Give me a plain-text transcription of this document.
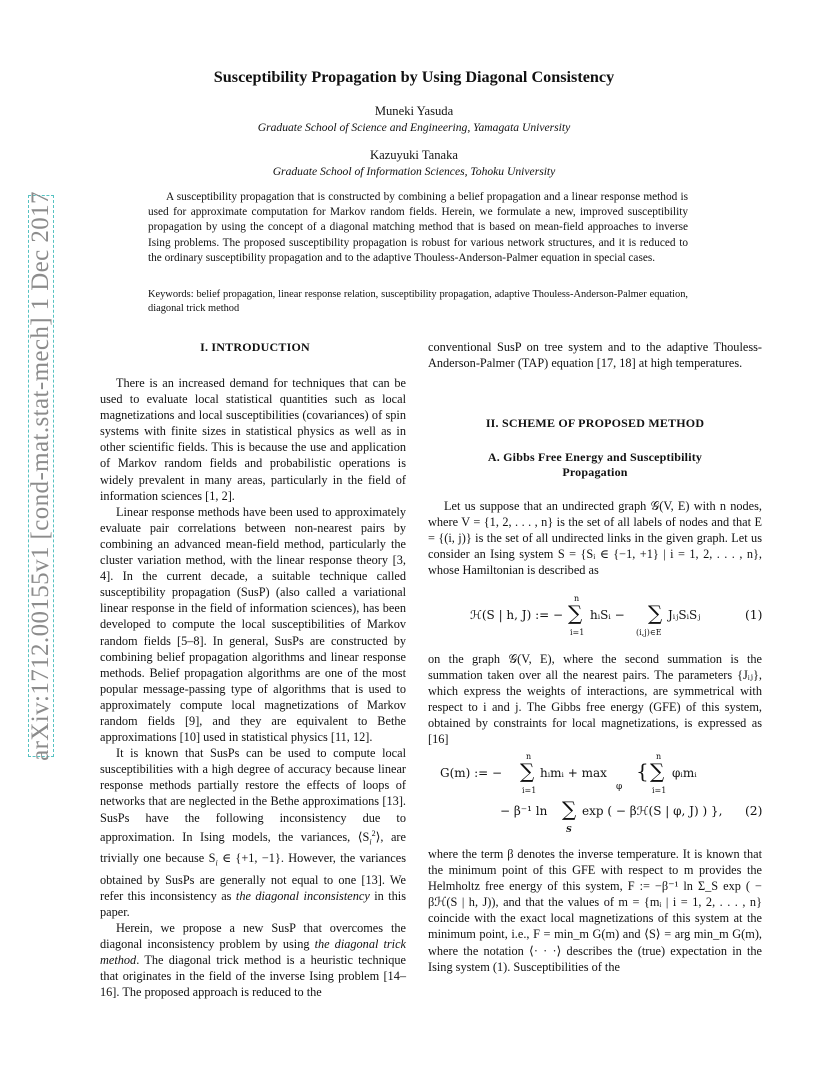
arXiv:1712.00155v1 [cond-mat.stat-mech] 1 Dec 2017
Susceptibility Propagation by Using Diagonal Consistency
Muneki Yasuda
Graduate School of Science and Engineering, Yamagata University
Kazuyuki Tanaka
Graduate School of Information Sciences, Tohoku University
A susceptibility propagation that is constructed by combining a belief propagation and a linear response method is used for approximate computation for Markov random fields. Herein, we formulate a new, improved susceptibility propagation by using the concept of a diagonal matching method that is based on mean-field approaches to inverse Ising problems. The proposed susceptibility propagation is robust for various network structures, and it is reduced to the ordinary susceptibility propagation and to the adaptive Thouless-Anderson-Palmer equation in special cases.
Keywords: belief propagation, linear response relation, susceptibility propagation, adaptive Thouless-Anderson-Palmer equation, diagonal trick method
I. INTRODUCTION

There is an increased demand for techniques that can be used to evaluate local statistical quantities such as local magnetizations and local susceptibilities (covariances) of spin systems with finite sizes in statistical physics as well as in other scientific fields. This is because the use and application of Markov random fields and probabilistic operations is widely prevalent in many areas, particularly in the field of information sciences [1, 2].

Linear response methods have been used to approximately evaluate pair correlations between non-nearest pairs by combining an advanced mean-field method, particularly the cluster variation method, with the linear response theory [3, 4]. In the current decade, a suitable technique called susceptibility propagation (SusP) (also called a variational linear response in the field of information sciences), has been developed to compute the local susceptibilities of Markov random fields [5–8]. In general, SusPs are constructed by combining belief propagation algorithms and linear response methods. Belief propagation algorithms are one of the most popular message-passing type of algorithms that is used to approximately compute local magnetizations of Markov random fields [9], and they are equivalent to Bethe approximations [10] used in statistical physics [11, 12].

It is known that SusPs can be used to compute local susceptibilities with a high degree of accuracy because linear response methods partially restore the effects of loops of networks that are neglected in the Bethe approximations [13]. SusPs have the following inconsistency due to approximation. In Ising models, the variances, $⟨S_i^2⟩$, are trivially one because $S_i$ ∈ {+1, −1}. However, the variances obtained by SusPs are generally not equal to one [13]. We refer this inconsistency as the diagonal inconsistency in this paper.

Herein, we propose a new SusP that overcomes the diagonal inconsistency problem by using the diagonal trick method. The diagonal trick method is a heuristic technique that originates in the field of the inverse Ising problem [14–16]. The proposed approach is reduced to the

conventional SusP on tree system and to the adaptive Thouless-Anderson-Palmer (TAP) equation [17, 18] at high temperatures.

II. SCHEME OF PROPOSED METHOD
A. Gibbs Free Energy and Susceptibility
Propagation

Let us suppose that an undirected graph 𝒢(V, E) with n nodes, where V = {1, 2, . . . , n} is the set of all labels of nodes and that E = {(i, j)} is the set of all undirected links in the given graph. Let us consider an Ising system S = {Sᵢ ∈ {−1, +1} | i = 1, 2, . . . , n}, whose Hamiltonian is described as

ℋ(S | h, J) := −
n
∑
i=1
hᵢSᵢ − ∑
(i,j)∈E
JᵢⱼSᵢSⱼ	(1)

on the graph 𝒢(V, E), where the second summation is the summation taken over all the nearest pairs. The parameters {Jᵢⱼ}, which express the weights of interactions, are symmetrical with respect to i and j. The Gibbs free energy (GFE) of this system, obtained by constraints for local magnetizations, is expressed as [16]

G(m) := −
n
∑
i=1
hᵢmᵢ + max
φ
{
n
∑
i=1
φᵢmᵢ
− β⁻¹ ln ∑
S
exp ( − βℋ(S | φ, J) ) }, (2)

where the term β denotes the inverse temperature. It is known that the minimum point of this GFE with respect to m provides the Helmholtz free energy of this system, F := −β⁻¹ ln Σ_S exp ( − βℋ(S | h, J)), and that the values of m = {mᵢ | i = 1, 2, . . . , n} coincide with the exact local magnetizations of this system at the minimum point, i.e., F = min_m G(m) and ⟨S⟩ = arg min_m G(m), where the notation ⟨· · ·⟩ describes the (true) expectation in the Ising system (1). Susceptibilities of the
